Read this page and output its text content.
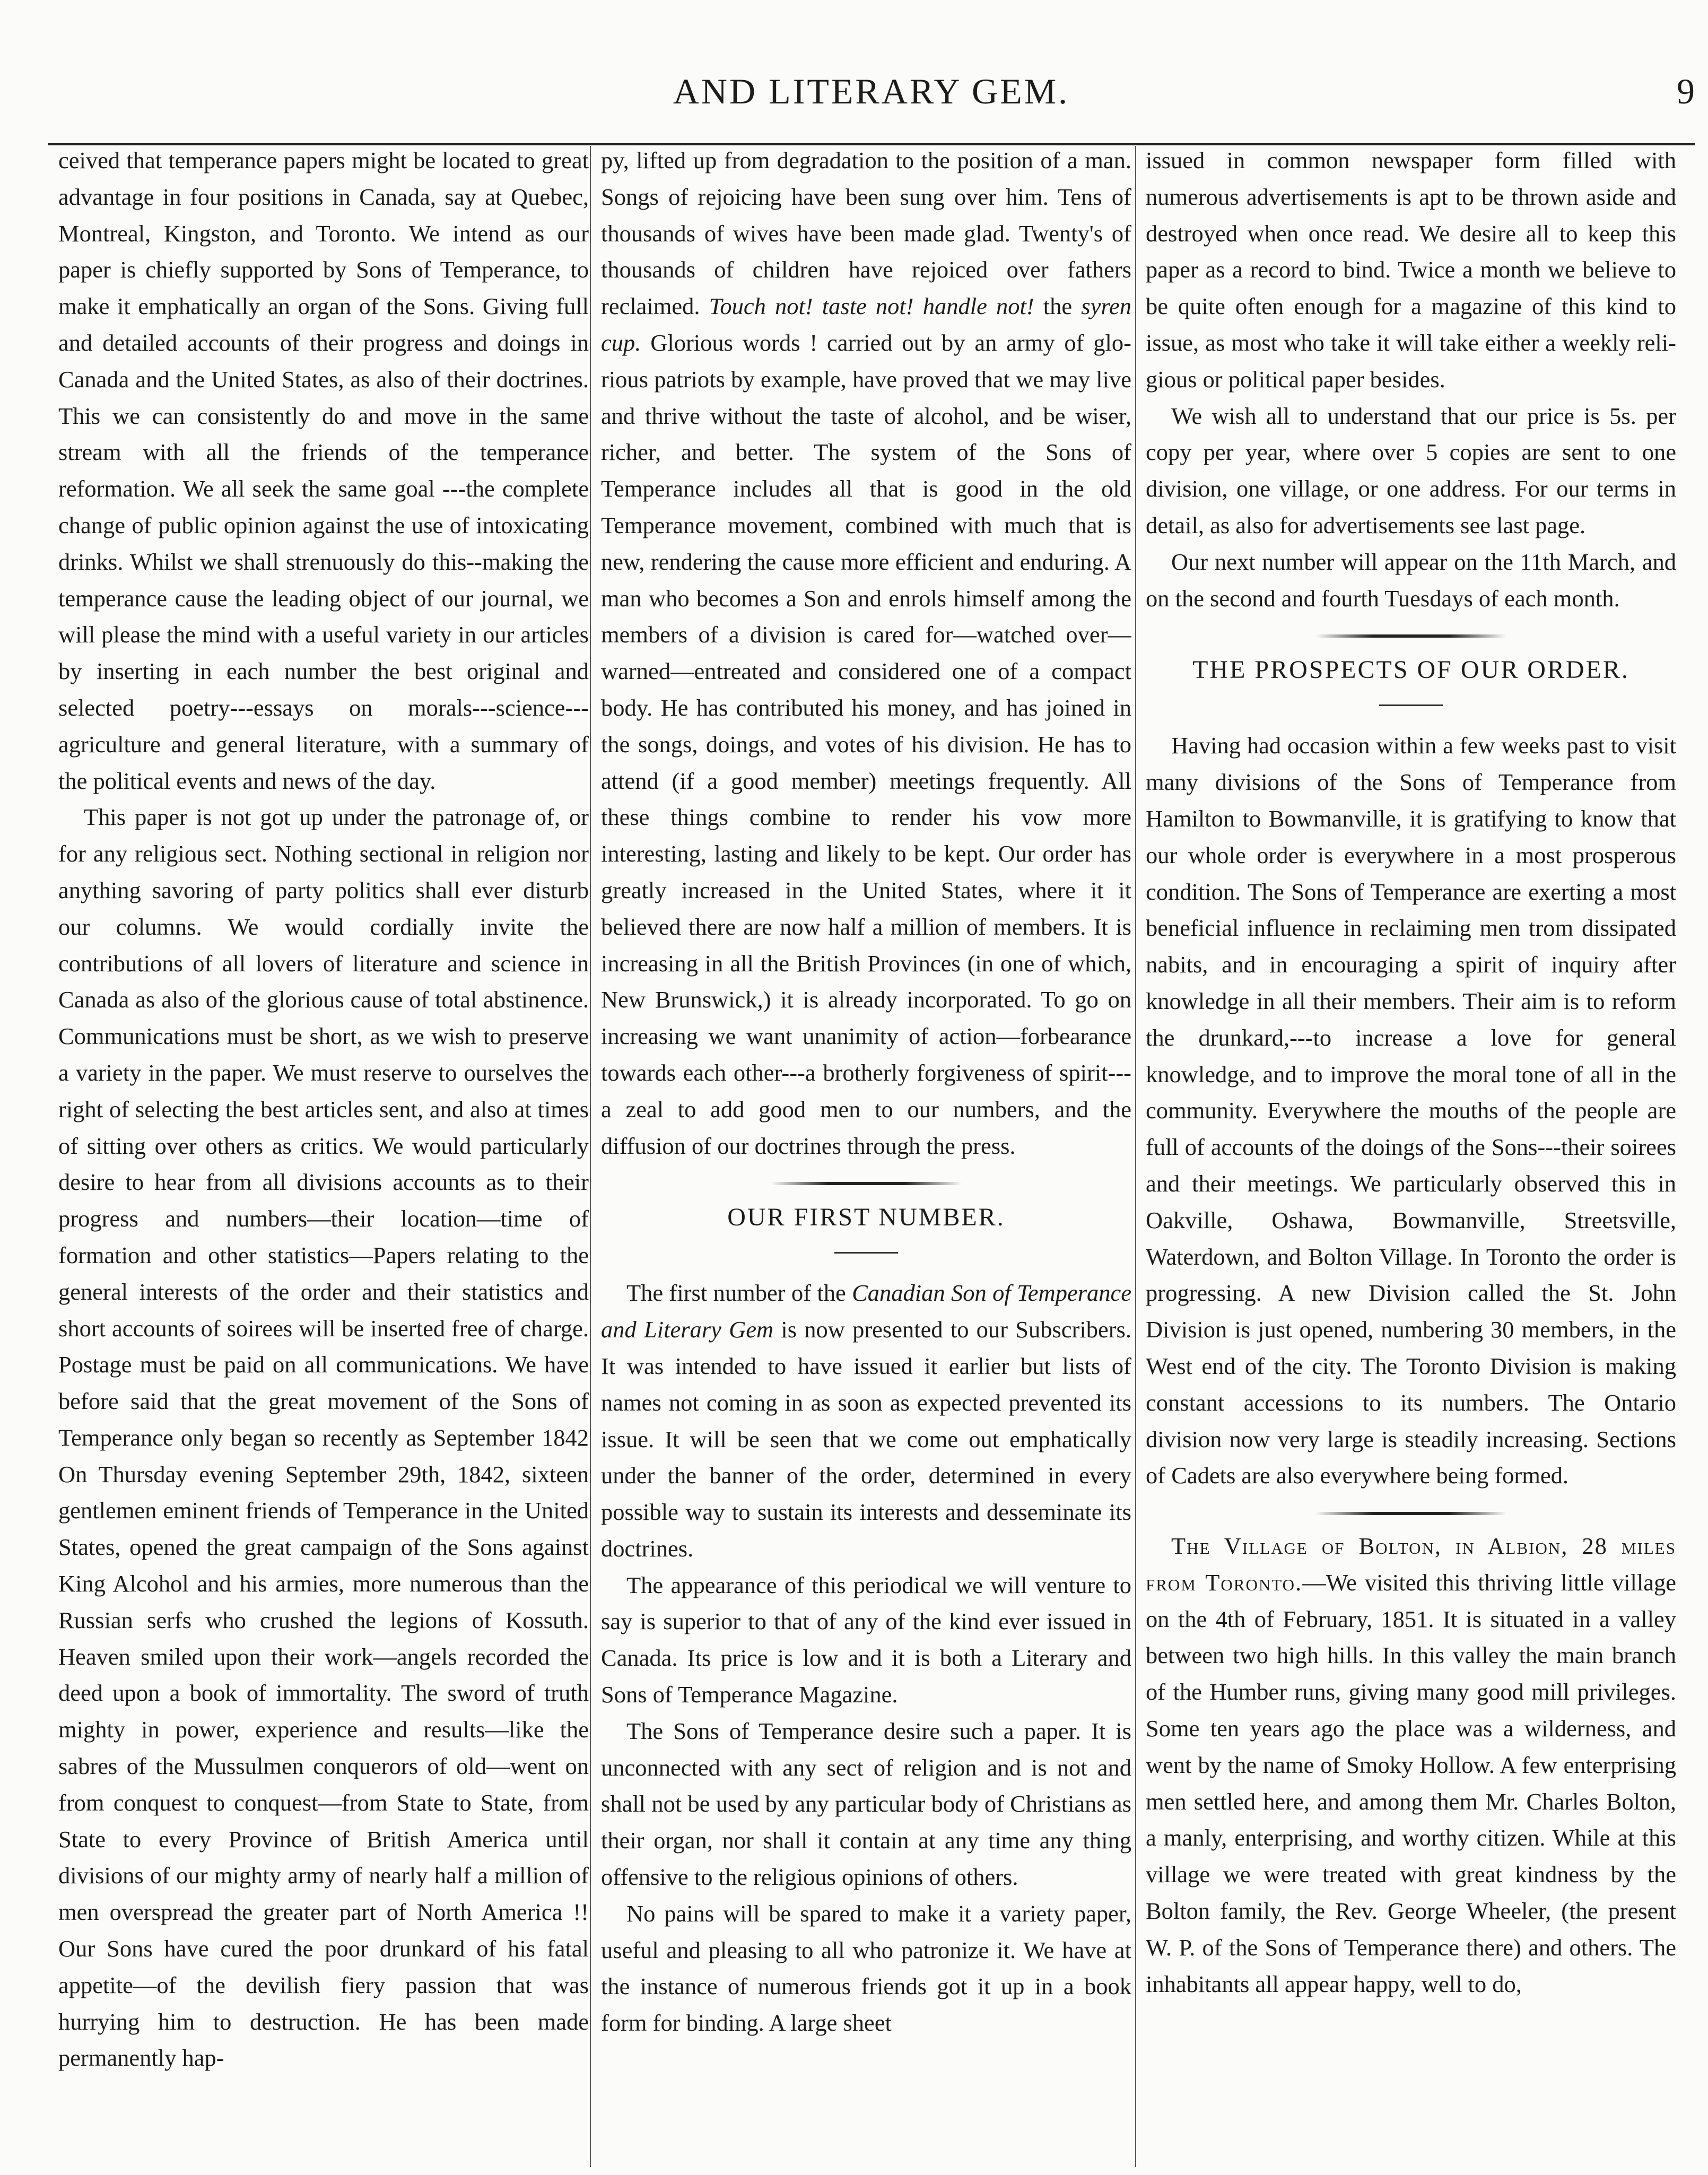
AND LITERARY GEM.	9

ceived that temperance papers might be located to great advantage in four positions in Canada, say at Quebec, Montreal, Kingston, and Toronto. We intend as our paper is chiefly supported by Sons of Temperance, to make it emphatically an organ of the Sons. Giving full and detailed accounts of their progress and doings in Canada and the United States, as also of their doctrines. This we can consistently do and move in the same stream with all the friends of the temperance reformation. We all seek the same goal ---the complete change of public opinion against the use of intoxicating drinks. Whilst we shall strenuously do this--making the temperance cause the leading object of our journal, we will please the mind with a useful variety in our articles by inserting in each number the best original and selected poetry---essays on morals---science--- agriculture and general literature, with a summary of the political events and news of the day.

This paper is not got up under the patronage of, or for any religious sect. Nothing sectional in religion nor anything savoring of party politics shall ever disturb our columns. We would cordially invite the contributions of all lovers of literature and science in Canada as also of the glorious cause of total abstinence. Communications must be short, as we wish to preserve a variety in the paper. We must reserve to ourselves the right of selecting the best articles sent, and also at times of sitting over others as critics. We would particularly desire to hear from all divisions accounts as to their progress and numbers—their location—time of formation and other statistics—Papers relating to the general interests of the order and their statistics and short accounts of soirees will be inserted free of charge. Postage must be paid on all communications. We have before said that the great movement of the Sons of Temperance only began so recently as September 1842 On Thursday evening September 29th, 1842, sixteen gentlemen eminent friends of Temperance in the United States, opened the great campaign of the Sons against King Alcohol and his armies, more numerous than the Russian serfs who crushed the legions of Kossuth. Heaven smiled upon their work—angels recorded the deed upon a book of immortality. The sword of truth mighty in power, experience and results—like the sabres of the Mussulmen conquerors of old—went on from conquest to conquest—from State to State, from State to every Province of British America until divisions of our mighty army of nearly half a million of men overspread the greater part of North America !! Our Sons have cured the poor drunkard of his fatal appetite—of the devilish fiery passion that was hurrying him to destruction. He has been made permanently hap-

py, lifted up from degradation to the position of a man. Songs of rejoicing have been sung over him. Tens of thousands of wives have been made glad. Twenty's of thousands of children have rejoiced over fathers reclaimed. Touch not! taste not! handle not! the syren cup. Glorious words ! carried out by an army of glorious patriots by example, have proved that we may live and thrive without the taste of alcohol, and be wiser, richer, and better. The system of the Sons of Temperance includes all that is good in the old Temperance movement, combined with much that is new, rendering the cause more efficient and enduring. A man who becomes a Son and enrols himself among the members of a division is cared for—watched over—warned—entreated and considered one of a compact body. He has contributed his money, and has joined in the songs, doings, and votes of his division. He has to attend (if a good member) meetings frequently. All these things combine to render his vow more interesting, lasting and likely to be kept. Our order has greatly increased in the United States, where it it believed there are now half a million of members. It is increasing in all the British Provinces (in one of which, New Brunswick,) it is already incorporated. To go on increasing we want unanimity of action—forbearance towards each other---a brotherly forgiveness of spirit---a zeal to add good men to our numbers, and the diffusion of our doctrines through the press.

OUR FIRST NUMBER.

The first number of the Canadian Son of Temperance and Literary Gem is now presented to our Subscribers. It was intended to have issued it earlier but lists of names not coming in as soon as expected prevented its issue. It will be seen that we come out emphatically under the banner of the order, determined in every possible way to sustain its interests and desseminate its doctrines.

The appearance of this periodical we will venture to say is superior to that of any of the kind ever issued in Canada. Its price is low and it is both a Literary and Sons of Temperance Magazine.

The Sons of Temperance desire such a paper. It is unconnected with any sect of religion and is not and shall not be used by any particular body of Christians as their organ, nor shall it contain at any time any thing offensive to the religious opinions of others.

No pains will be spared to make it a variety paper, useful and pleasing to all who patronize it. We have at the instance of numerous friends got it up in a book form for binding. A large sheet

issued in common newspaper form filled with numerous advertisements is apt to be thrown aside and destroyed when once read. We desire all to keep this paper as a record to bind. Twice a month we believe to be quite often enough for a magazine of this kind to issue, as most who take it will take either a weekly religious or political paper besides.

We wish all to understand that our price is 5s. per copy per year, where over 5 copies are sent to one division, one village, or one address. For our terms in detail, as also for advertisements see last page.

Our next number will appear on the 11th March, and on the second and fourth Tuesdays of each month.

THE PROSPECTS OF OUR ORDER.

Having had occasion within a few weeks past to visit many divisions of the Sons of Temperance from Hamilton to Bowmanville, it is gratifying to know that our whole order is everywhere in a most prosperous condition. The Sons of Temperance are exerting a most beneficial influence in reclaiming men trom dissipated nabits, and in encouraging a spirit of inquiry after knowledge in all their members. Their aim is to reform the drunkard,---to increase a love for general knowledge, and to improve the moral tone of all in the community. Everywhere the mouths of the people are full of accounts of the doings of the Sons---their soirees and their meetings. We particularly observed this in Oakville, Oshawa, Bowmanville, Streetsville, Waterdown, and Bolton Village. In Toronto the order is progressing. A new Division called the St. John Division is just opened, numbering 30 members, in the West end of the city. The Toronto Division is making constant accessions to its numbers. The Ontario division now very large is steadily increasing. Sections of Cadets are also everywhere being formed.

The Village of Bolton, in Albion, 28 miles from Toronto.—We visited this thriving little village on the 4th of February, 1851. It is situated in a valley between two high hills. In this valley the main branch of the Humber runs, giving many good mill privileges. Some ten years ago the place was a wilderness, and went by the name of Smoky Hollow. A few enterprising men settled here, and among them Mr. Charles Bolton, a manly, enterprising, and worthy citizen. While at this village we were treated with great kindness by the Bolton family, the Rev. George Wheeler, (the present W. P. of the Sons of Temperance there) and others. The inhabitants all appear happy, well to do,
